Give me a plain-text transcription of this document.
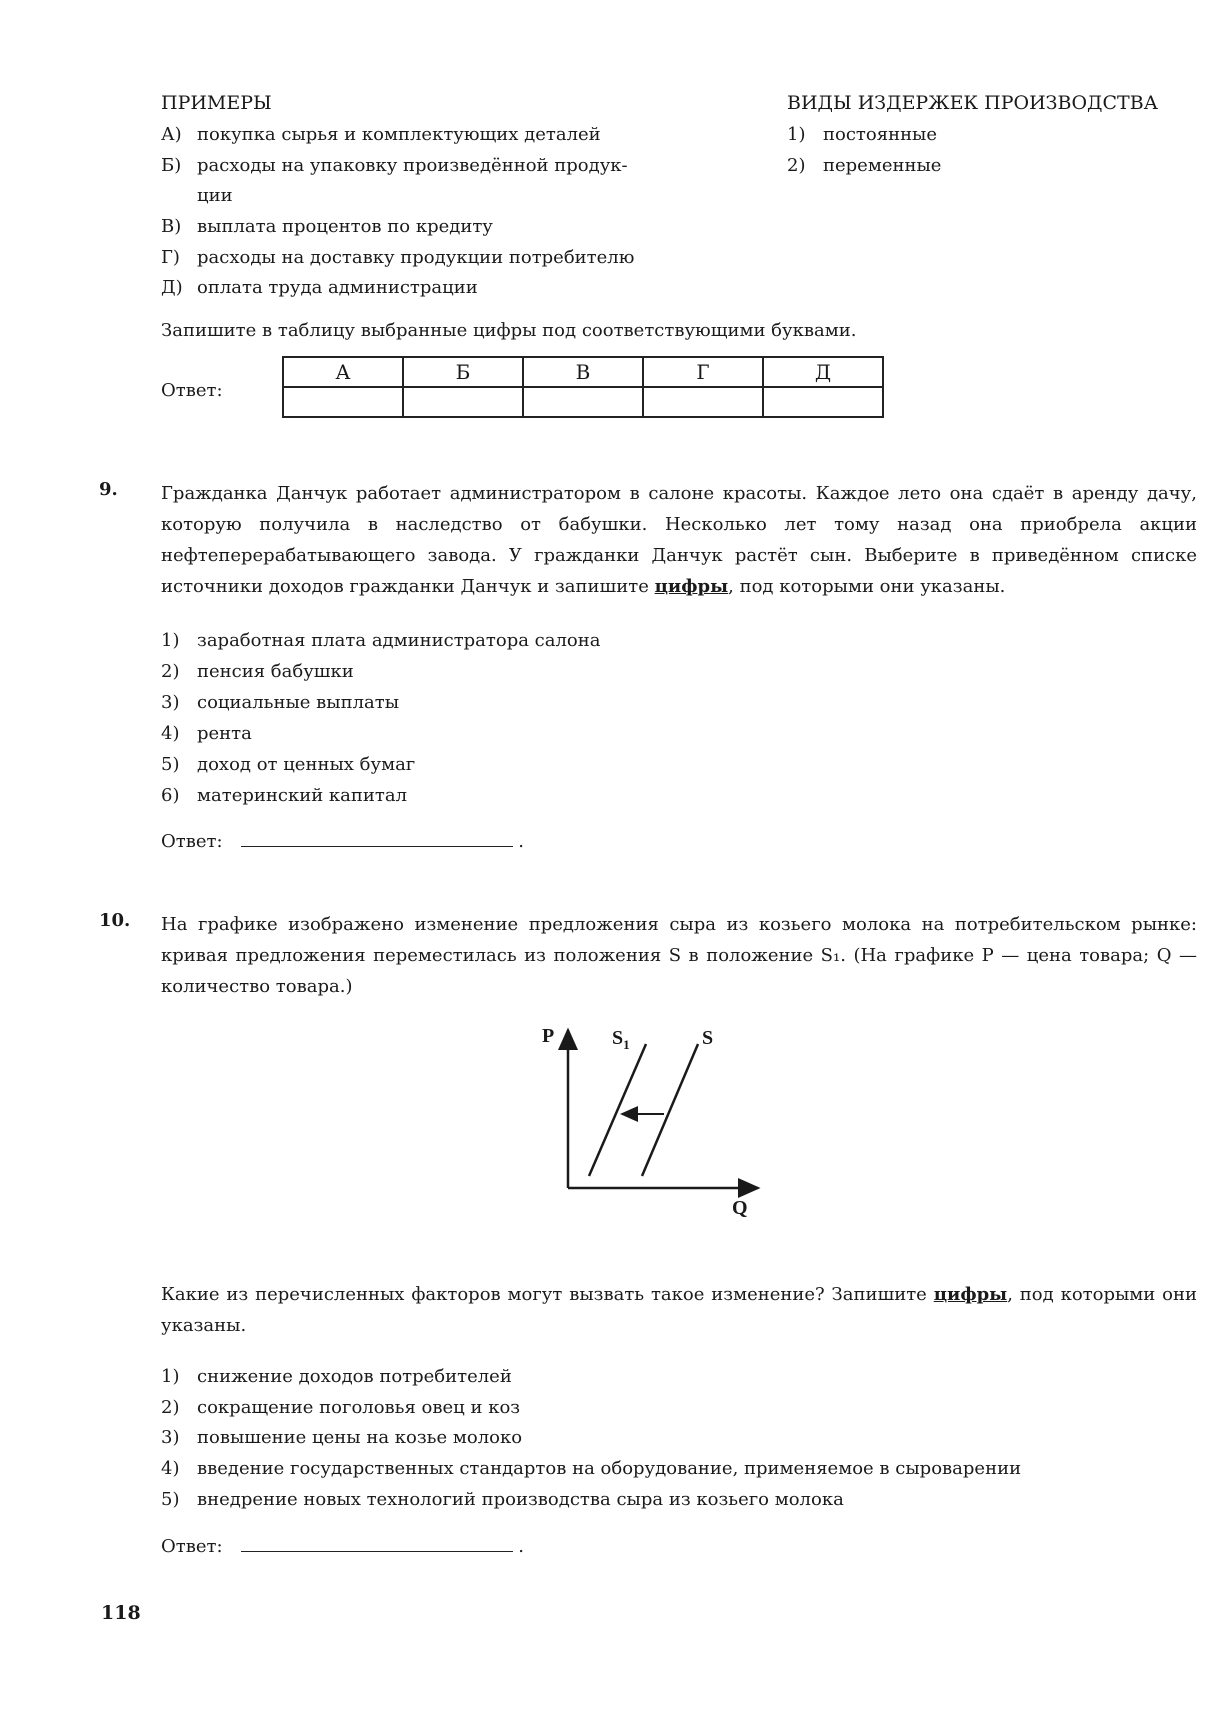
ПРИМЕРЫ	ВИДЫ ИЗДЕРЖЕК ПРОИЗВОДСТВА
А) покупка сырья и комплектующих деталей
Б) расходы на упаковку произведённой продук-
ции
В) выплата процентов по кредиту
Г) расходы на доставку продукции потребителю
Д) оплата труда администрации
1) постоянные
2) переменные
Запишите в таблицу выбранные цифры под соответствующими буквами.
Ответ:
А	Б	В	Г	Д

9. Гражданка Данчук работает администратором в салоне красоты. Каждое лето она сдаёт в аренду дачу, которую получила в наследство от бабушки. Несколько лет тому назад она приобрела акции нефтеперерабатывающего завода. У гражданки Данчук растёт сын. Выберите в приведённом списке источники доходов гражданки Данчук и запишите цифры, под которыми они указаны.
1) заработная плата администратора салона
2) пенсия бабушки
3) социальные выплаты
4) рента
5) доход от ценных бумаг
6) материнский капитал
Ответ:	.
10. На графике изображено изменение предложения сыра из козьего молока на потребительском рынке: кривая предложения переместилась из положения S в положение S₁. (На графике P — цена товара; Q — количество товара.)
P
Q
$S_1$	S
Какие из перечисленных факторов могут вызвать такое изменение? Запишите цифры, под которыми они указаны.
1) снижение доходов потребителей
2) сокращение поголовья овец и коз
3) повышение цены на козье молоко
4) введение государственных стандартов на оборудование, применяемое в сыроварении
5) внедрение новых технологий производства сыра из козьего молока
Ответ:	.
118
